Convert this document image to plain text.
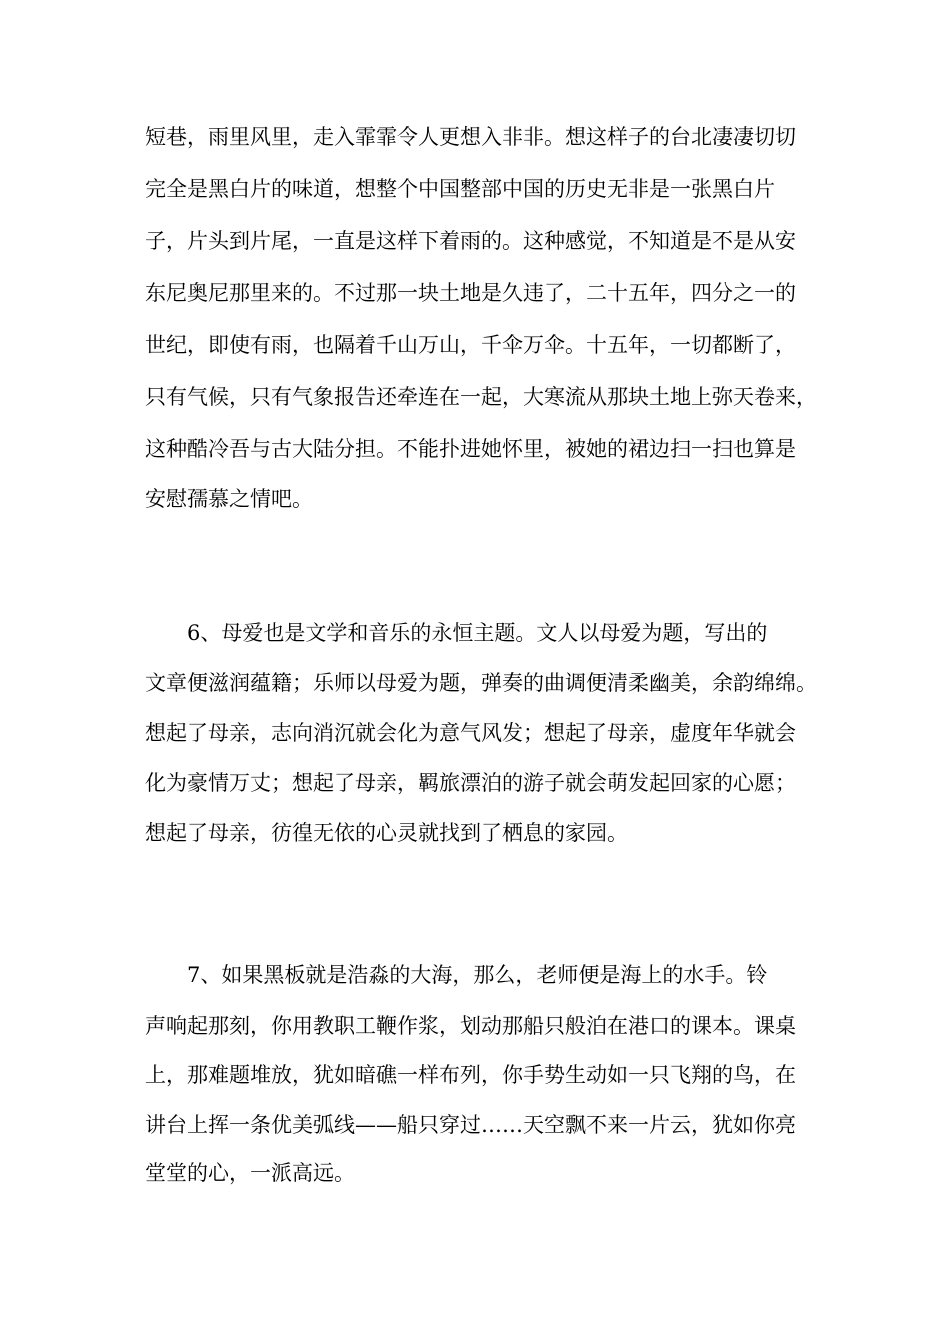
短巷，雨里风里，走入霏霏令人更想入非非。想这样子的台北凄凄切切
完全是黑白片的味道，想整个中国整部中国的历史无非是一张黑白片
子，片头到片尾，一直是这样下着雨的。这种感觉，不知道是不是从安
东尼奥尼那里来的。不过那一块土地是久违了，二十五年，四分之一的
世纪，即使有雨，也隔着千山万山，千伞万伞。十五年，一切都断了，
只有气候，只有气象报告还牵连在一起，大寒流从那块土地上弥天卷来，
这种酷冷吾与古大陆分担。不能扑进她怀里，被她的裙边扫一扫也算是
安慰孺慕之情吧。
　　6、母爱也是文学和音乐的永恒主题。文人以母爱为题，写出的
文章便滋润蕴籍；乐师以母爱为题，弹奏的曲调便清柔幽美，余韵绵绵。
想起了母亲，志向消沉就会化为意气风发；想起了母亲，虚度年华就会
化为豪情万丈；想起了母亲，羁旅漂泊的游子就会萌发起回家的心愿；
想起了母亲，彷徨无依的心灵就找到了栖息的家园。
　　7、如果黑板就是浩淼的大海，那么，老师便是海上的水手。铃
声响起那刻，你用教职工鞭作浆，划动那船只般泊在港口的课本。课桌
上，那难题堆放，犹如暗礁一样布列，你手势生动如一只飞翔的鸟，在
讲台上挥一条优美弧线——船只穿过……天空飘不来一片云，犹如你亮
堂堂的心，一派高远。
